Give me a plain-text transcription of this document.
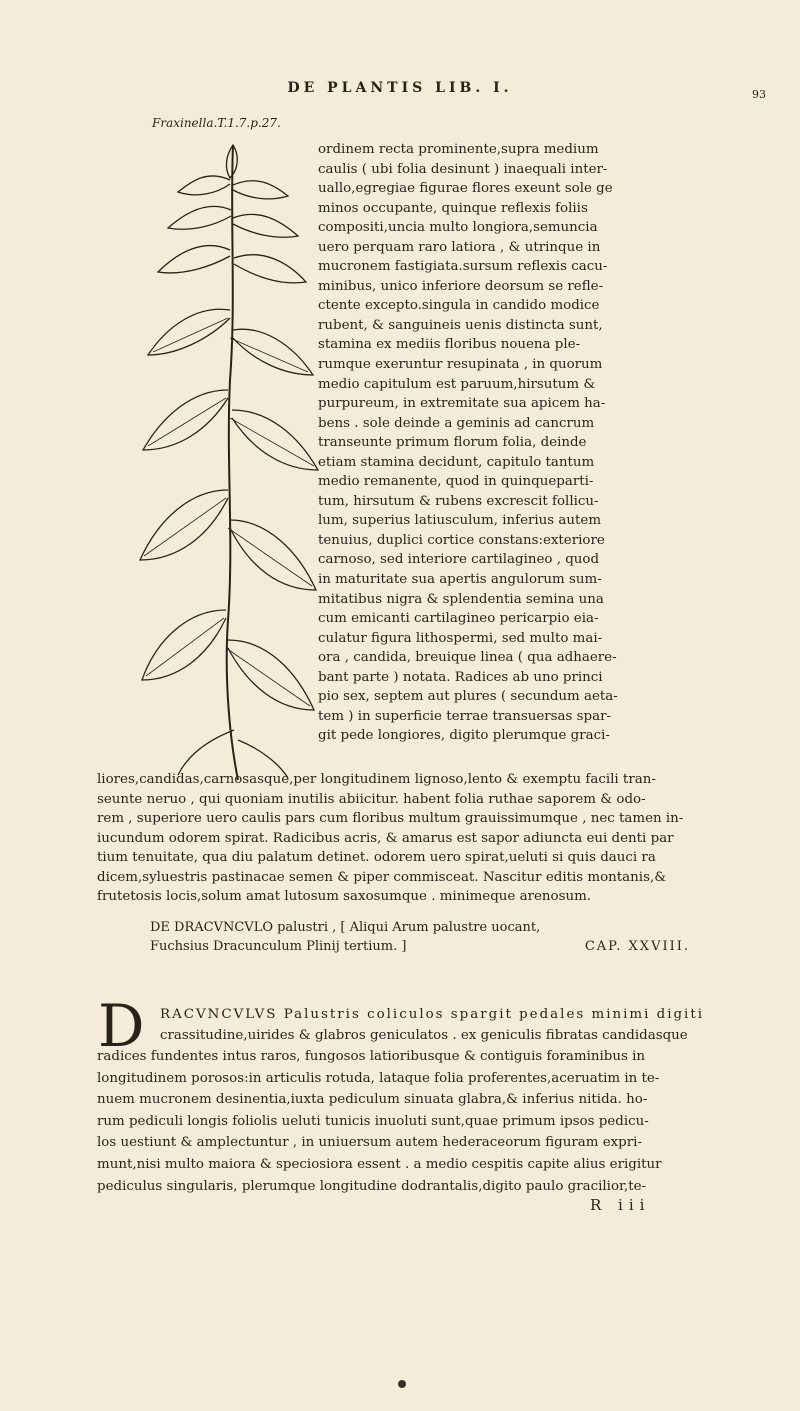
DE PLANTIS LIB. I.	93
Fraxinella.T.1.7.p.27.
ordinem recta prominente,supra medium
caulis ( ubi folia desinunt ) inaequali inter-
uallo,egregiae figurae flores exeunt sole ge
minos occupante, quinque reflexis foliis
compositi,uncia multo longiora,semuncia
uero perquam raro latiora , & utrinque in
mucronem fastigiata.sursum reflexis cacu-
minibus, unico inferiore deorsum se refle-
ctente excepto.singula in candido modice
rubent, & sanguineis uenis distincta sunt,
stamina ex mediis floribus nouena ple-
rumque exeruntur resupinata , in quorum
medio capitulum est paruum,hirsutum &
purpureum, in extremitate sua apicem ha-
bens . sole deinde a geminis ad cancrum
transeunte primum florum folia, deinde
etiam stamina decidunt, capitulo tantum
medio remanente, quod in quinqueparti-
tum, hirsutum & rubens excrescit follicu-
lum, superius latiusculum, inferius autem
tenuius, duplici cortice constans:exteriore
carnoso, sed interiore cartilagineo , quod
in maturitate sua apertis angulorum sum-
mitatibus nigra & splendentia semina una
cum emicanti cartilagineo pericarpio eia-
culatur figura lithospermi, sed multo mai-
ora , candida, breuique linea ( qua adhaere-
bant parte ) notata. Radices ab uno princi
pio sex, septem aut plures ( secundum aeta-
tem ) in superficie terrae transuersas spar-
git pede longiores, digito plerumque graci-
liores,candidas,carnosasque,per longitudinem lignoso,lento & exemptu facili tran-
seunte neruo , qui quoniam inutilis abiicitur. habent folia ruthae saporem & odo-
rem , superiore uero caulis pars cum floribus multum grauissimumque , nec tamen in-
iucundum odorem spirat. Radicibus acris, & amarus est sapor adiuncta eui denti par
tium tenuitate, qua diu palatum detinet. odorem uero spirat,ueluti si quis dauci ra
dicem,syluestris pastinacae semen & piper commisceat. Nascitur editis montanis,&
frutetosis locis,solum amat lutosum saxosumque . minimeque arenosum.
DE DRACVNCVLO palustri , [ Aliqui Arum palustre uocant,
Fuchsius Dracunculum Plinij tertium. ]	CAP. XXVIII.
D RACVNCVLVS Palustris coliculos spargit pedales minimi digiti
crassitudine,uirides & glabros geniculatos . ex geniculis fibratas candidasque
radices fundentes intus raros, fungosos latioribusque & contiguis foraminibus in
longitudinem porosos:in articulis rotuda, lataque folia proferentes,aceruatim in te-
nuem mucronem desinentia,iuxta pediculum sinuata glabra,& inferius nitida. ho-
rum pediculi longis foliolis ueluti tunicis inuoluti sunt,quae primum ipsos pedicu-
los uestiunt & amplectuntur , in uniuersum autem hederaceorum figuram expri-
munt,nisi multo maiora & speciosiora essent . a medio cespitis capite alius erigitur
pediculus singularis, plerumque longitudine dodrantalis,digito paulo gracilior,te-
R iii
